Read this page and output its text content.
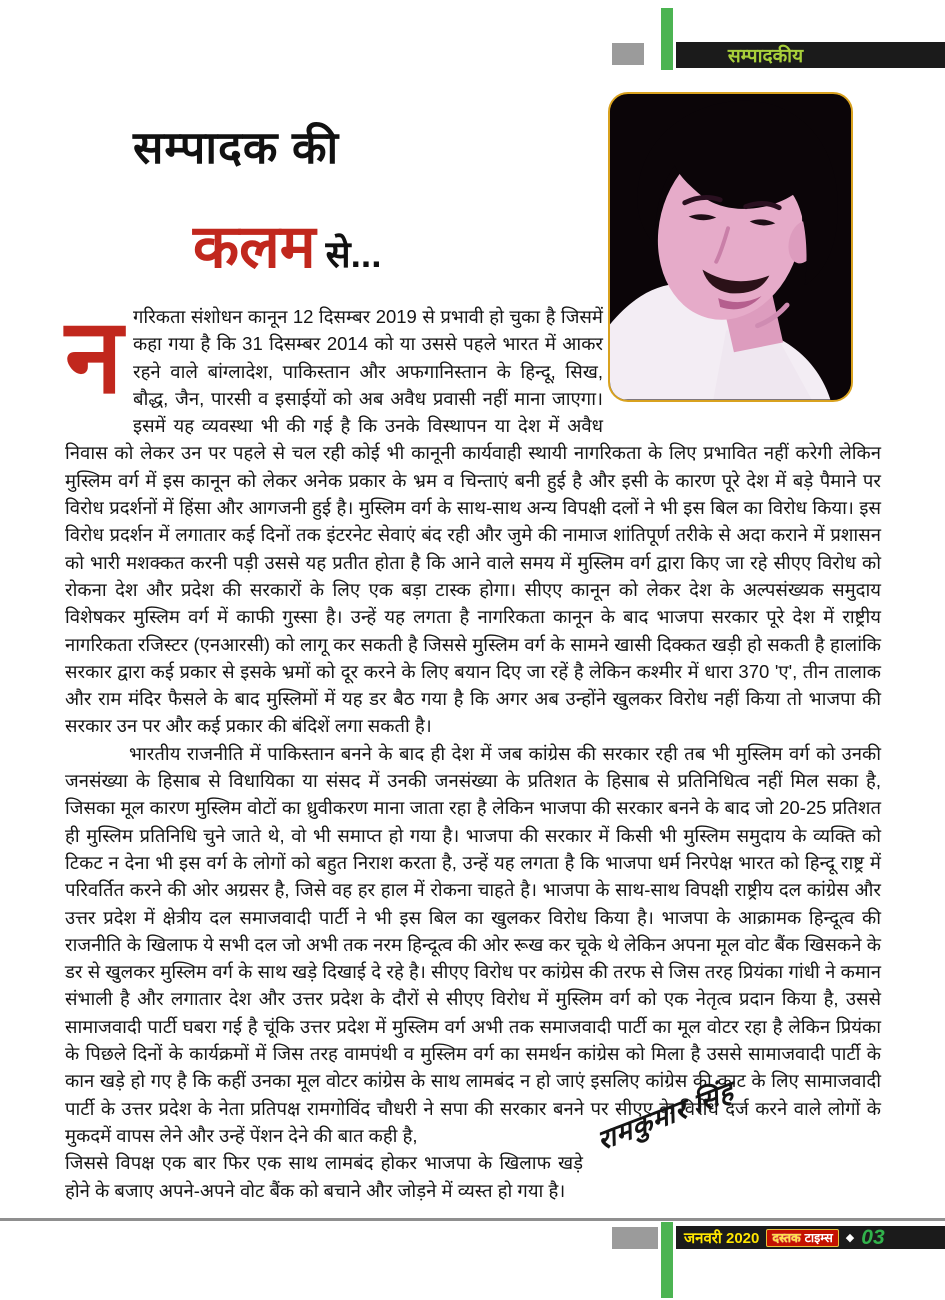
सम्पादकीय
सम्पादक की
कलम से...
न गरिकता संशोधन कानून 12 दिसम्बर 2019 से प्रभावी हो चुका है जिसमें कहा गया है कि 31 दिसम्बर 2014 को या उससे पहले भारत में आकर रहने वाले बांग्लादेश, पाकिस्तान और अफगानिस्तान के हिन्दू, सिख, बौद्ध, जैन, पारसी व इसाईयों को अब अवैध प्रवासी नहीं माना जाएगा। इसमें यह व्यवस्था भी की गई है कि उनके विस्थापन या देश में अवैध निवास को लेकर उन पर पहले से चल रही कोई भी कानूनी कार्यवाही स्थायी नागरिकता के लिए प्रभावित नहीं करेगी लेकिन मुस्लिम वर्ग में इस कानून को लेकर अनेक प्रकार के भ्रम व चिन्ताएं बनी हुई है और इसी के कारण पूरे देश में बड़े पैमाने पर विरोध प्रदर्शनों में हिंसा और आगजनी हुई है। मुस्लिम वर्ग के साथ-साथ अन्य विपक्षी दलों ने भी इस बिल का विरोध किया। इस विरोध प्रदर्शन में लगातार कई दिनों तक इंटरनेट सेवाएं बंद रही और जुमे की नामाज शांतिपूर्ण तरीके से अदा कराने में प्रशासन को भारी मशक्कत करनी पड़ी उससे यह प्रतीत होता है कि आने वाले समय में मुस्लिम वर्ग द्वारा किए जा रहे सीएए विरोध को रोकना देश और प्रदेश की सरकारों के लिए एक बड़ा टास्क होगा। सीएए कानून को लेकर देश के अल्पसंख्यक समुदाय विशेषकर मुस्लिम वर्ग में काफी गुस्सा है। उन्हें यह लगता है नागरिकता कानून के बाद भाजपा सरकार पूरे देश में राष्ट्रीय नागरिकता रजिस्टर (एनआरसी) को लागू कर सकती है जिससे मुस्लिम वर्ग के सामने खासी दिक्कत खड़ी हो सकती है हालांकि सरकार द्वारा कई प्रकार से इसके भ्रमों को दूर करने के लिए बयान दिए जा रहें है लेकिन कश्मीर में धारा 370 'ए', तीन तालाक और राम मंदिर फैसले के बाद मुस्लिमों में यह डर बैठ गया है कि अगर अब उन्होंने खुलकर विरोध नहीं किया तो भाजपा की सरकार उन पर और कई प्रकार की बंदिशें लगा सकती है।

भारतीय राजनीति में पाकिस्तान बनने के बाद ही देश में जब कांग्रेस की सरकार रही तब भी मुस्लिम वर्ग को उनकी जनसंख्या के हिसाब से विधायिका या संसद में उनकी जनसंख्या के प्रतिशत के हिसाब से प्रतिनिधित्व नहीं मिल सका है, जिसका मूल कारण मुस्लिम वोटों का ध्रुवीकरण माना जाता रहा है लेकिन भाजपा की सरकार बनने के बाद जो 20-25 प्रतिशत ही मुस्लिम प्रतिनिधि चुने जाते थे, वो भी समाप्त हो गया है। भाजपा की सरकार में किसी भी मुस्लिम समुदाय के व्यक्ति को टिकट न देना भी इस वर्ग के लोगों को बहुत निराश करता है, उन्हें यह लगता है कि भाजपा धर्म निरपेक्ष भारत को हिन्दू राष्ट्र में परिवर्तित करने की ओर अग्रसर है, जिसे वह हर हाल में रोकना चाहते है। भाजपा के साथ-साथ विपक्षी राष्ट्रीय दल कांग्रेस और उत्तर प्रदेश में क्षेत्रीय दल समाजवादी पार्टी ने भी इस बिल का खुलकर विरोध किया है। भाजपा के आक्रामक हिन्दूत्व की राजनीति के खिलाफ ये सभी दल जो अभी तक नरम हिन्दूत्व की ओर रूख कर चूके थे लेकिन अपना मूल वोट बैंक खिसकने के डर से खुलकर मुस्लिम वर्ग के साथ खड़े दिखाई दे रहे है। सीएए विरोध पर कांग्रेस की तरफ से जिस तरह प्रियंका गांधी ने कमान संभाली है और लगातार देश और उत्तर प्रदेश के दौरों से सीएए विरोध में मुस्लिम वर्ग को एक नेतृत्व प्रदान किया है, उससे सामाजवादी पार्टी घबरा गई है चूंकि उत्तर प्रदेश में मुस्लिम वर्ग अभी तक समाजवादी पार्टी का मूल वोटर रहा है लेकिन प्रियंका के पिछले दिनों के कार्यक्रमों में जिस तरह वामपंथी व मुस्लिम वर्ग का समर्थन कांग्रेस को मिला है उससे सामाजवादी पार्टी के कान खड़े हो गए है कि कहीं उनका मूल वोटर कांग्रेस के साथ लामबंद न हो जाएं इसलिए कांग्रेस की काट के लिए सामाजवादी पार्टी के उत्तर प्रदेश के नेता प्रतिपक्ष रामगोविंद चौधरी ने सपा की सरकार बनने पर सीएए के विरोध दर्ज करने वाले लोगों के मुकदमें वापस लेने और उन्हें पेंशन देने की बात कही है,

जिससे विपक्ष एक बार फिर एक साथ लामबंद होकर भाजपा के खिलाफ खड़े होने के बजाए अपने-अपने वोट बैंक को बचाने और जोड़ने में व्यस्त हो गया है।

रामकुमार सिंह
जनवरी 2020 दस्तक टाइम्स ◆ 03
